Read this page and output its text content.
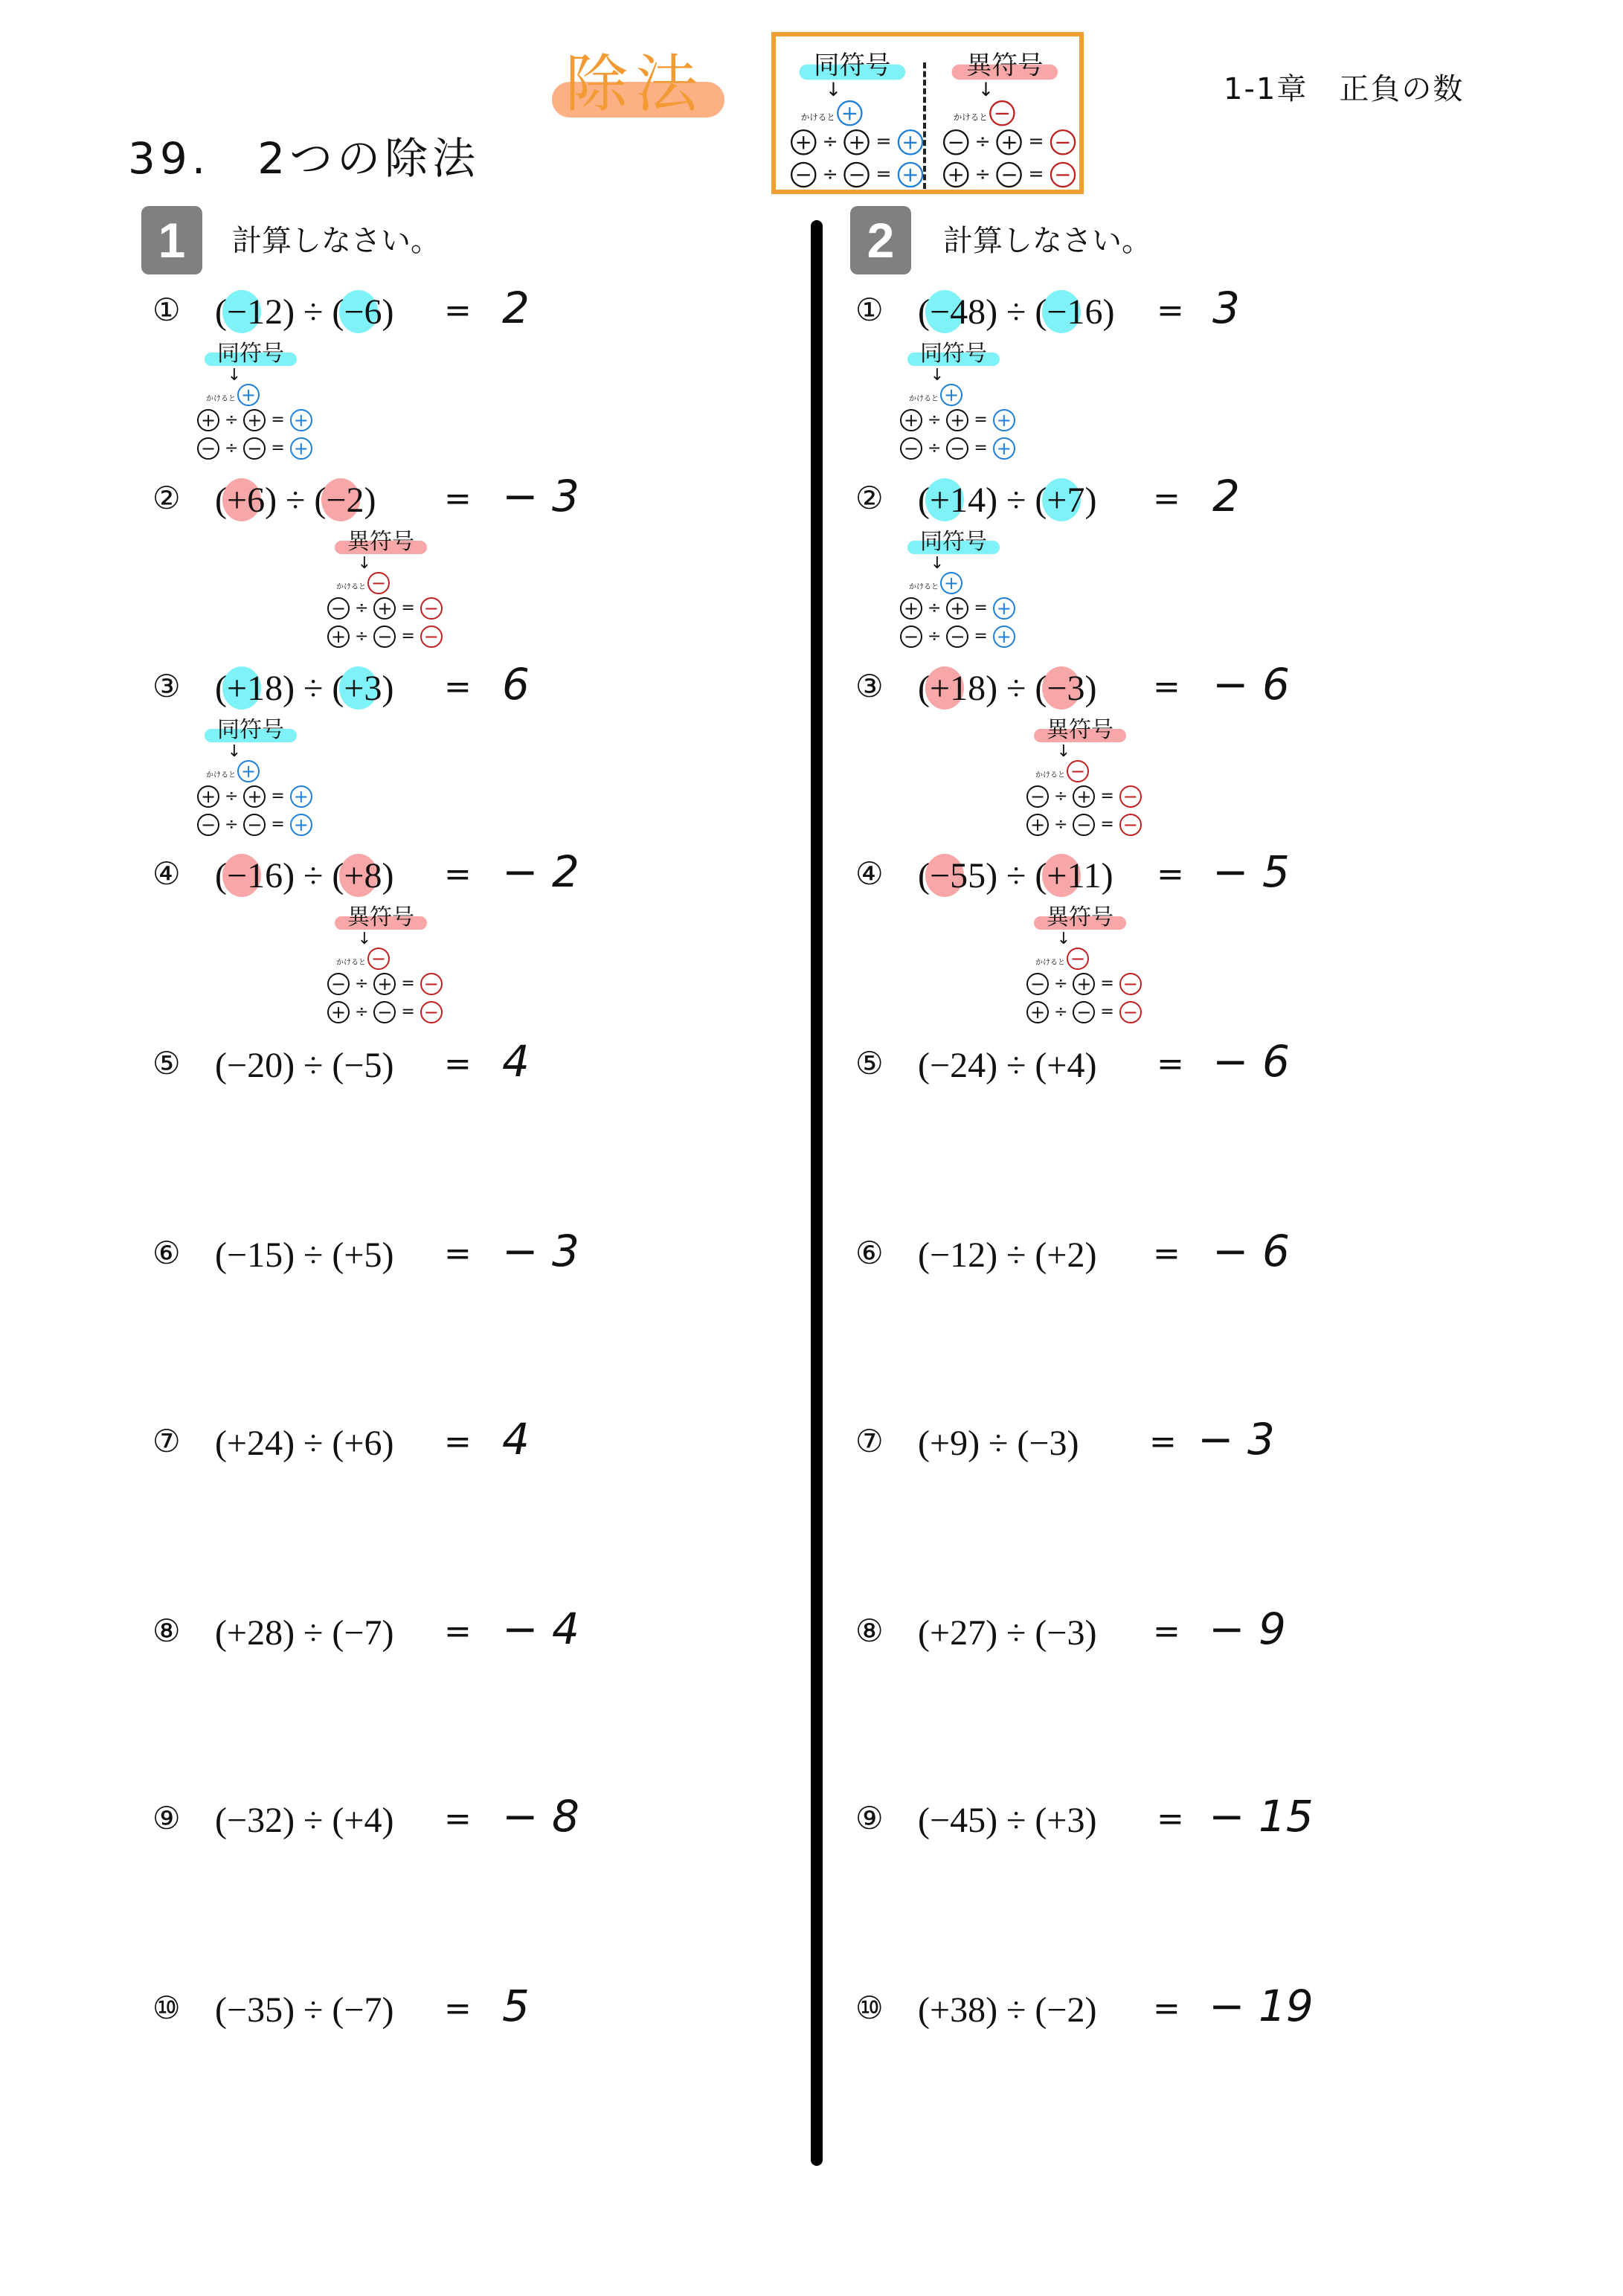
除法	同符号
↓
かけると +
+ ÷ + = +
− ÷ − = +
異符号
↓
かけると −
− ÷ + = −
+ ÷ − = −
1-1章　正負の数
39.　2つの除法
1	計算しなさい。	2	計算しなさい。
① (−12) ÷ (−6) = 2
同符号
↓
かけると +
+ ÷ + = +
− ÷ − = +
② (+6) ÷ (−2) = − 3
異符号
↓
かけると −
− ÷ + = −
+ ÷ − = −
③ (+18) ÷ (+3) = 6
同符号
↓
かけると +
+ ÷ + = +
− ÷ − = +
④ (−16) ÷ (+8) = − 2
異符号
↓
かけると −
− ÷ + = −
+ ÷ − = −
⑤ (−20) ÷ (−5) = 4
⑥ (−15) ÷ (+5) = − 3
⑦ (+24) ÷ (+6) = 4
⑧ (+28) ÷ (−7) = − 4
⑨ (−32) ÷ (+4) = − 8
⑩ (−35) ÷ (−7) = 5
① (−48) ÷ (−16) = 3
同符号
↓
かけると +
+ ÷ + = +
− ÷ − = +
② (+14) ÷ (+7) = 2
同符号
↓
かけると +
+ ÷ + = +
− ÷ − = +
③ (+18) ÷ (−3) = − 6
異符号
↓
かけると −
− ÷ + = −
+ ÷ − = −
④ (−55) ÷ (+11) = − 5
異符号
↓
かけると −
− ÷ + = −
+ ÷ − = −
⑤ (−24) ÷ (+4) = − 6
⑥ (−12) ÷ (+2) = − 6
⑦ (+9) ÷ (−3) = − 3
⑧ (+27) ÷ (−3) = − 9
⑨ (−45) ÷ (+3) = − 15
⑩ (+38) ÷ (−2) = − 19
